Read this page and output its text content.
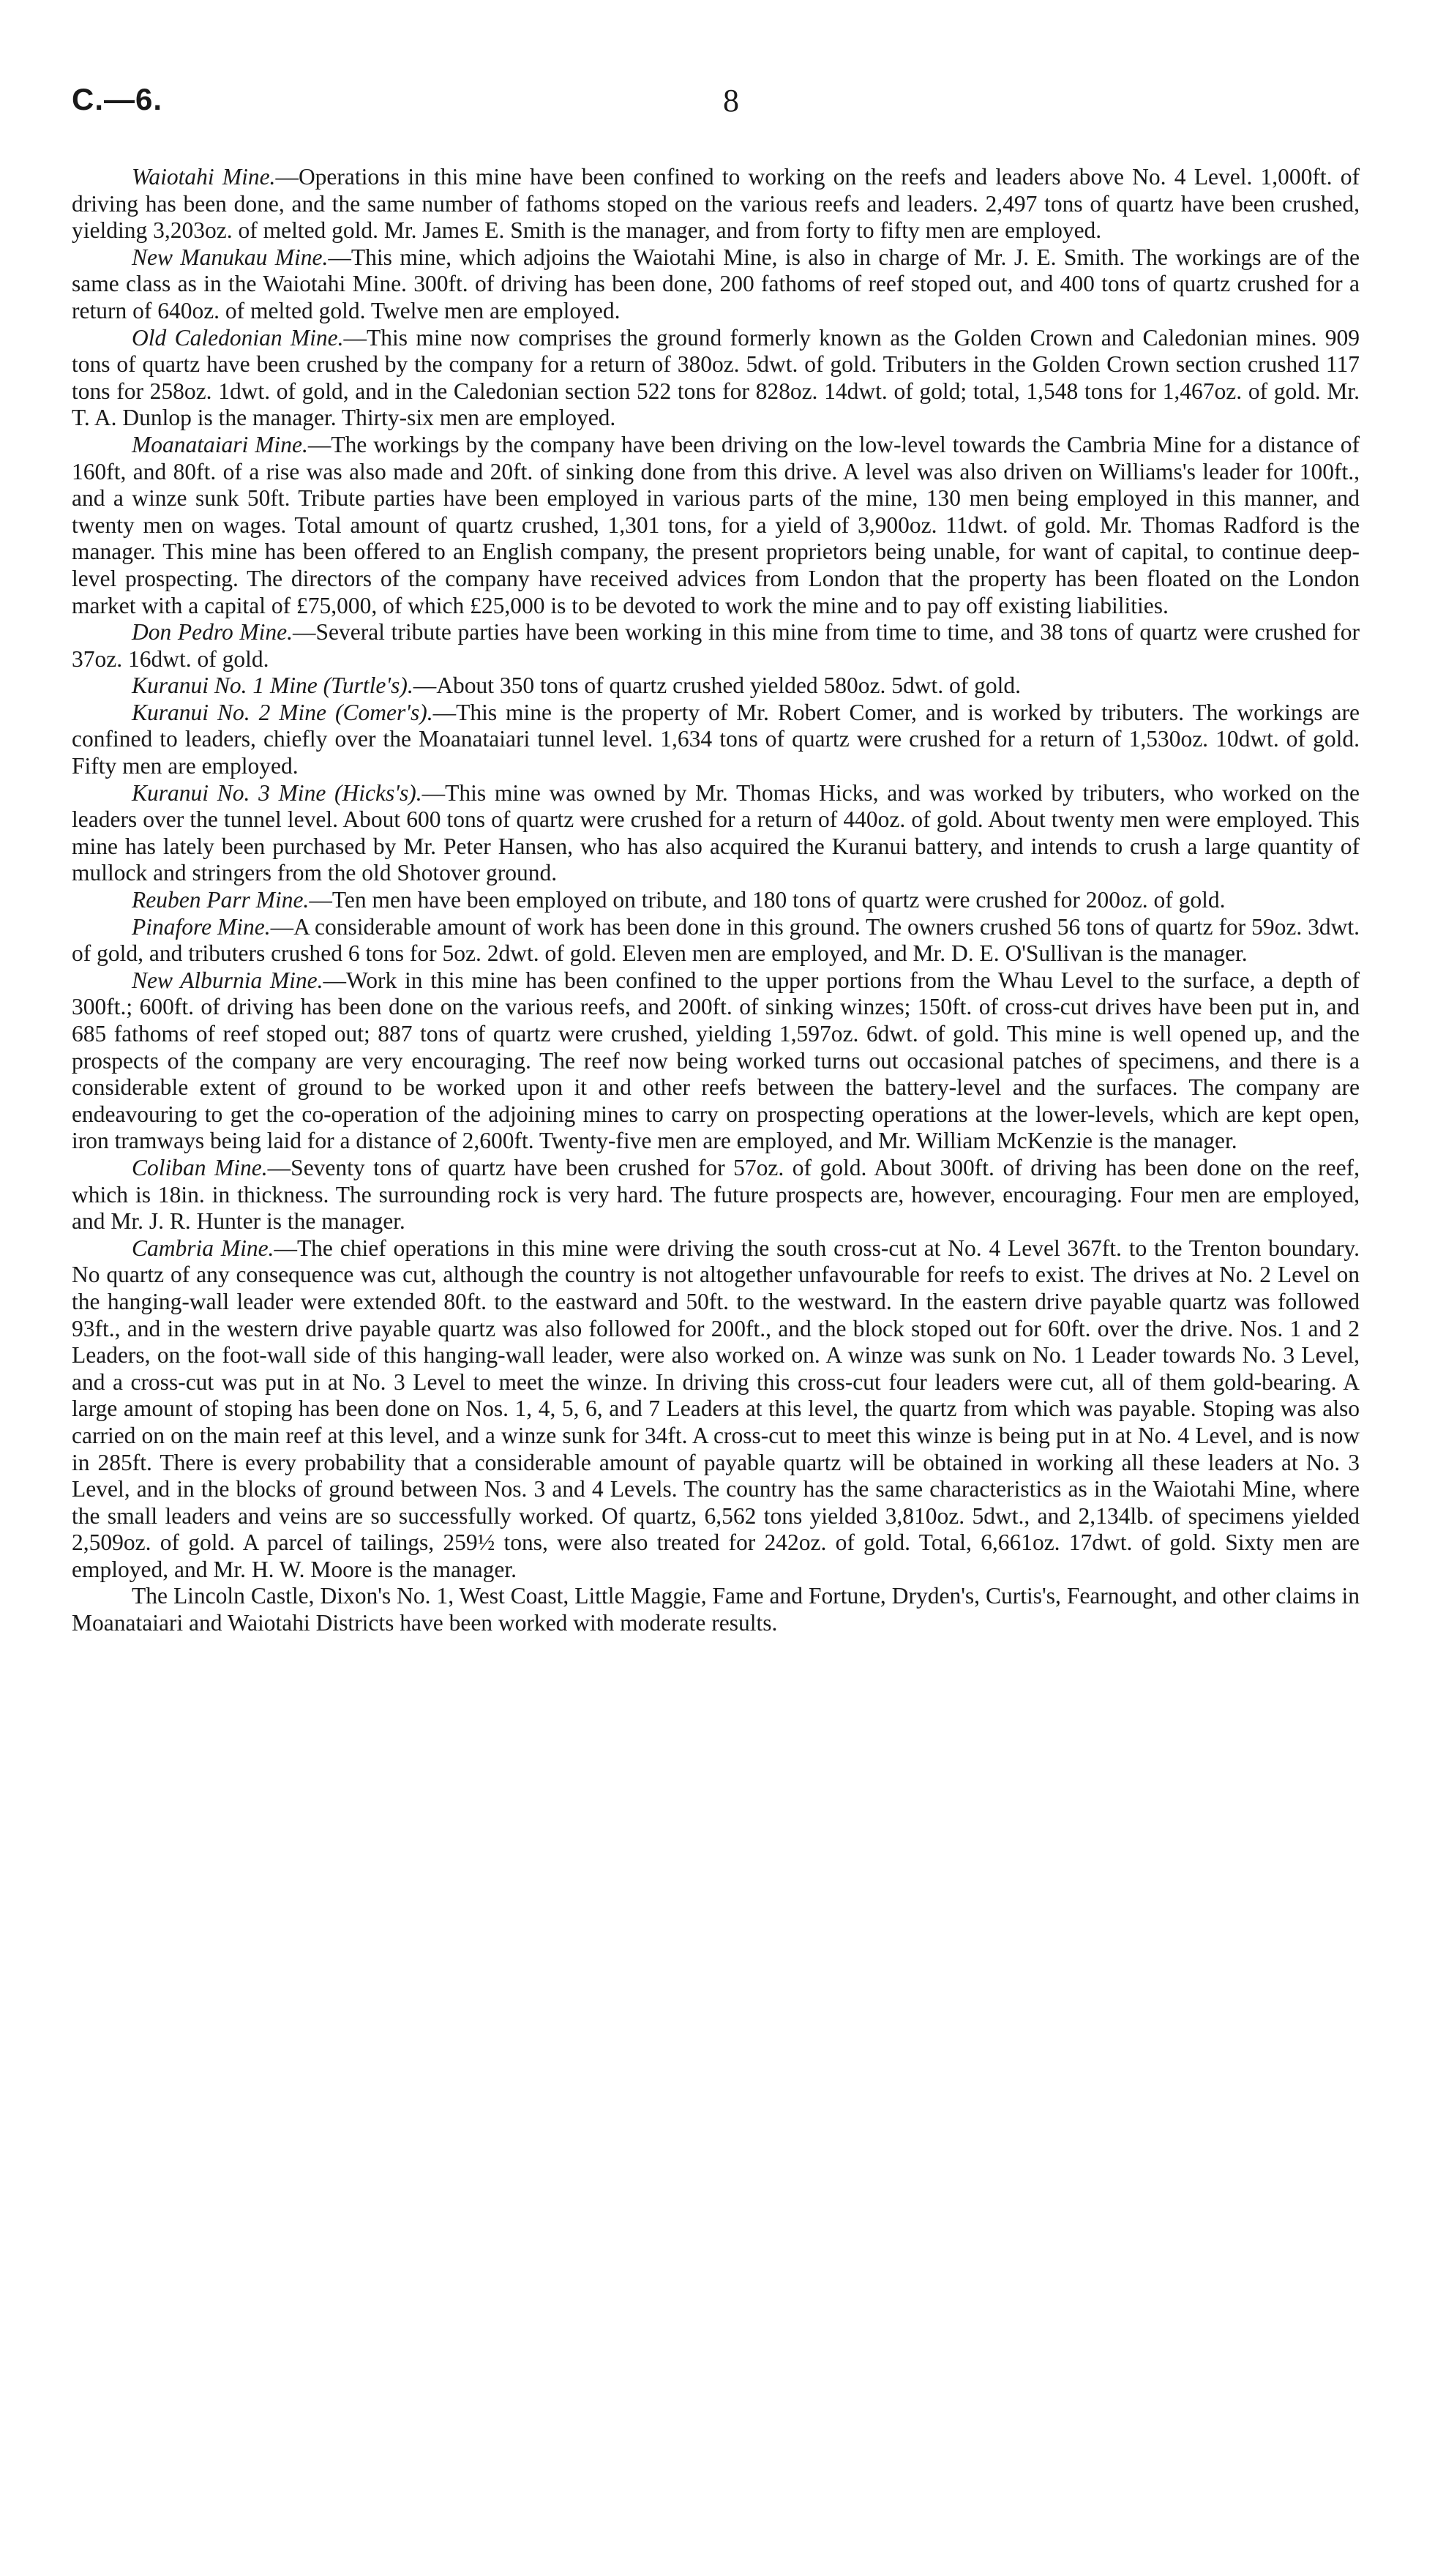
C.—6.	8

Waiotahi Mine.—Operations in this mine have been confined to working on the reefs and leaders above No. 4 Level. 1,000ft. of driving has been done, and the same number of fathoms stoped on the various reefs and leaders. 2,497 tons of quartz have been crushed, yielding 3,203oz. of melted gold. Mr. James E. Smith is the manager, and from forty to fifty men are employed.

New Manukau Mine.—This mine, which adjoins the Waiotahi Mine, is also in charge of Mr. J. E. Smith. The workings are of the same class as in the Waiotahi Mine. 300ft. of driving has been done, 200 fathoms of reef stoped out, and 400 tons of quartz crushed for a return of 640oz. of melted gold. Twelve men are employed.

Old Caledonian Mine.—This mine now comprises the ground formerly known as the Golden Crown and Caledonian mines. 909 tons of quartz have been crushed by the company for a return of 380oz. 5dwt. of gold. Tributers in the Golden Crown section crushed 117 tons for 258oz. 1dwt. of gold, and in the Caledonian section 522 tons for 828oz. 14dwt. of gold; total, 1,548 tons for 1,467oz. of gold. Mr. T. A. Dunlop is the manager. Thirty-six men are employed.

Moanataiari Mine.—The workings by the company have been driving on the low-level towards the Cambria Mine for a distance of 160ft, and 80ft. of a rise was also made and 20ft. of sinking done from this drive. A level was also driven on Williams's leader for 100ft., and a winze sunk 50ft. Tribute parties have been employed in various parts of the mine, 130 men being employed in this manner, and twenty men on wages. Total amount of quartz crushed, 1,301 tons, for a yield of 3,900oz. 11dwt. of gold. Mr. Thomas Radford is the manager. This mine has been offered to an English company, the present proprietors being unable, for want of capital, to continue deep-level prospecting. The directors of the company have received advices from London that the property has been floated on the London market with a capital of £75,000, of which £25,000 is to be devoted to work the mine and to pay off existing liabilities.

Don Pedro Mine.—Several tribute parties have been working in this mine from time to time, and 38 tons of quartz were crushed for 37oz. 16dwt. of gold.

Kuranui No. 1 Mine (Turtle's).—About 350 tons of quartz crushed yielded 580oz. 5dwt. of gold.

Kuranui No. 2 Mine (Comer's).—This mine is the property of Mr. Robert Comer, and is worked by tributers. The workings are confined to leaders, chiefly over the Moanataiari tunnel level. 1,634 tons of quartz were crushed for a return of 1,530oz. 10dwt. of gold. Fifty men are employed.

Kuranui No. 3 Mine (Hicks's).—This mine was owned by Mr. Thomas Hicks, and was worked by tributers, who worked on the leaders over the tunnel level. About 600 tons of quartz were crushed for a return of 440oz. of gold. About twenty men were employed. This mine has lately been purchased by Mr. Peter Hansen, who has also acquired the Kuranui battery, and intends to crush a large quantity of mullock and stringers from the old Shotover ground.

Reuben Parr Mine.—Ten men have been employed on tribute, and 180 tons of quartz were crushed for 200oz. of gold.

Pinafore Mine.—A considerable amount of work has been done in this ground. The owners crushed 56 tons of quartz for 59oz. 3dwt. of gold, and tributers crushed 6 tons for 5oz. 2dwt. of gold. Eleven men are employed, and Mr. D. E. O'Sullivan is the manager.

New Alburnia Mine.—Work in this mine has been confined to the upper portions from the Whau Level to the surface, a depth of 300ft.; 600ft. of driving has been done on the various reefs, and 200ft. of sinking winzes; 150ft. of cross-cut drives have been put in, and 685 fathoms of reef stoped out; 887 tons of quartz were crushed, yielding 1,597oz. 6dwt. of gold. This mine is well opened up, and the prospects of the company are very encouraging. The reef now being worked turns out occasional patches of specimens, and there is a considerable extent of ground to be worked upon it and other reefs between the battery-level and the surfaces. The company are endeavouring to get the co-operation of the adjoining mines to carry on prospecting operations at the lower-levels, which are kept open, iron tramways being laid for a distance of 2,600ft. Twenty-five men are employed, and Mr. William McKenzie is the manager.

Coliban Mine.—Seventy tons of quartz have been crushed for 57oz. of gold. About 300ft. of driving has been done on the reef, which is 18in. in thickness. The surrounding rock is very hard. The future prospects are, however, encouraging. Four men are employed, and Mr. J. R. Hunter is the manager.

Cambria Mine.—The chief operations in this mine were driving the south cross-cut at No. 4 Level 367ft. to the Trenton boundary. No quartz of any consequence was cut, although the country is not altogether unfavourable for reefs to exist. The drives at No. 2 Level on the hanging-wall leader were extended 80ft. to the eastward and 50ft. to the westward. In the eastern drive payable quartz was followed 93ft., and in the western drive payable quartz was also followed for 200ft., and the block stoped out for 60ft. over the drive. Nos. 1 and 2 Leaders, on the foot-wall side of this hanging-wall leader, were also worked on. A winze was sunk on No. 1 Leader towards No. 3 Level, and a cross-cut was put in at No. 3 Level to meet the winze. In driving this cross-cut four leaders were cut, all of them gold-bearing. A large amount of stoping has been done on Nos. 1, 4, 5, 6, and 7 Leaders at this level, the quartz from which was payable. Stoping was also carried on on the main reef at this level, and a winze sunk for 34ft. A cross-cut to meet this winze is being put in at No. 4 Level, and is now in 285ft. There is every probability that a considerable amount of payable quartz will be obtained in working all these leaders at No. 3 Level, and in the blocks of ground between Nos. 3 and 4 Levels. The country has the same characteristics as in the Waiotahi Mine, where the small leaders and veins are so successfully worked. Of quartz, 6,562 tons yielded 3,810oz. 5dwt., and 2,134lb. of specimens yielded 2,509oz. of gold. A parcel of tailings, 259½ tons, were also treated for 242oz. of gold. Total, 6,661oz. 17dwt. of gold. Sixty men are employed, and Mr. H. W. Moore is the manager.

The Lincoln Castle, Dixon's No. 1, West Coast, Little Maggie, Fame and Fortune, Dryden's, Curtis's, Fearnought, and other claims in Moanataiari and Waiotahi Districts have been worked with moderate results.
